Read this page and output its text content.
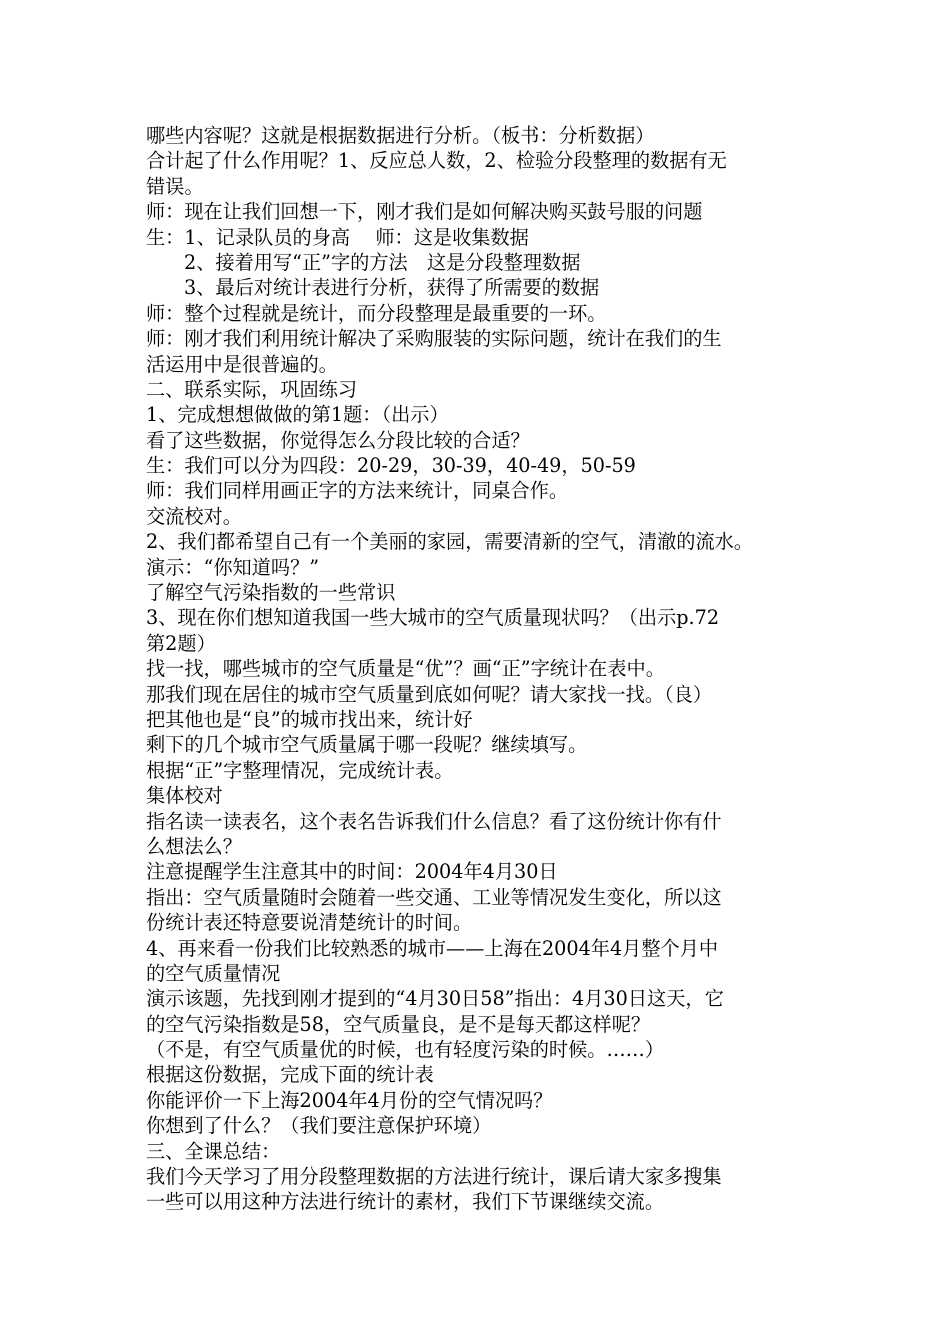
哪些内容呢？这就是根据数据进行分析。（板书：分析数据）
合计起了什么作用呢？1、反应总人数，2、检验分段整理的数据有无
错误。
师：现在让我们回想一下，刚才我们是如何解决购买鼓号服的问题
生：1、记录队员的身高　 师：这是收集数据
2、接着用写“正”字的方法　这是分段整理数据
3、最后对统计表进行分析，获得了所需要的数据
师：整个过程就是统计，而分段整理是最重要的一环。
师：刚才我们利用统计解决了采购服装的实际问题，统计在我们的生
活运用中是很普遍的。
二、联系实际，巩固练习
1、完成想想做做的第1题：（出示）
看了这些数据，你觉得怎么分段比较的合适？
生：我们可以分为四段：20-29，30-39，40-49，50-59
师：我们同样用画正字的方法来统计，同桌合作。
交流校对。
2、我们都希望自己有一个美丽的家园，需要清新的空气，清澈的流水。
演示：“你知道吗？”
了解空气污染指数的一些常识
3、现在你们想知道我国一些大城市的空气质量现状吗？（出示p.72
第2题）
找一找，哪些城市的空气质量是“优”？画“正”字统计在表中。
那我们现在居住的城市空气质量到底如何呢？请大家找一找。（良）
把其他也是“良”的城市找出来，统计好
剩下的几个城市空气质量属于哪一段呢？继续填写。
根据“正”字整理情况，完成统计表。
集体校对
指名读一读表名，这个表名告诉我们什么信息？看了这份统计你有什
么想法么？
注意提醒学生注意其中的时间：2004年4月30日
指出：空气质量随时会随着一些交通、工业等情况发生变化，所以这
份统计表还特意要说清楚统计的时间。
4、再来看一份我们比较熟悉的城市——上海在2004年4月整个月中
的空气质量情况
演示该题，先找到刚才提到的“4月30日58”指出：4月30日这天，它
的空气污染指数是58，空气质量良，是不是每天都这样呢？
（不是，有空气质量优的时候，也有轻度污染的时候。……）
根据这份数据，完成下面的统计表
你能评价一下上海2004年4月份的空气情况吗？
你想到了什么？（我们要注意保护环境）
三、全课总结：
我们今天学习了用分段整理数据的方法进行统计，课后请大家多搜集
一些可以用这种方法进行统计的素材，我们下节课继续交流。
